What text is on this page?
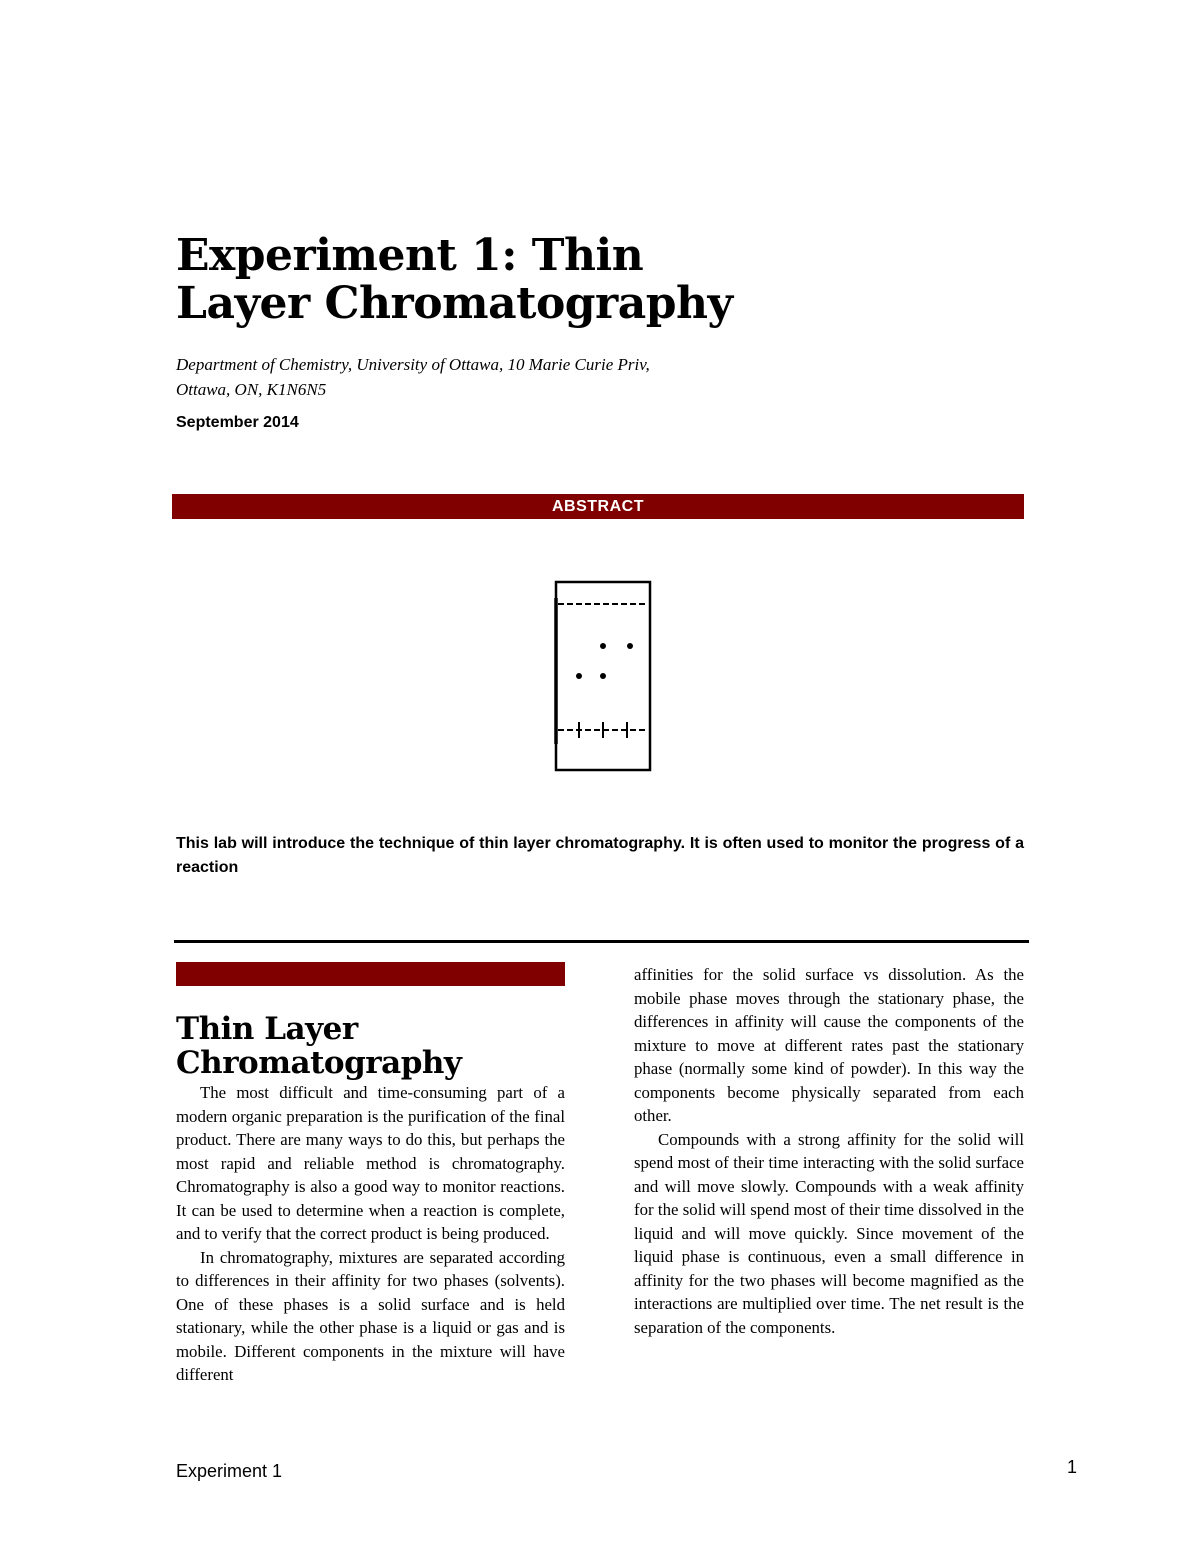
Experiment 1: Thin
Layer Chromatography
Department of Chemistry, University of Ottawa, 10 Marie Curie Priv,
Ottawa, ON, K1N6N5
September 2014
ABSTRACT
This lab will introduce the technique of thin layer chromatography. It is often used to monitor the progress of a reaction
Thin Layer
Chromatography

The most difficult and time-consuming part of a modern organic preparation is the purification of the final product. There are many ways to do this, but perhaps the most rapid and reliable method is chromatography. Chromatography is also a good way to monitor reactions. It can be used to determine when a reaction is complete, and to verify that the correct product is being produced.

In chromatography, mixtures are separated according to differences in their affinity for two phases (solvents). One of these phases is a solid surface and is held stationary, while the other phase is a liquid or gas and is mobile. Different components in the mixture will have different

affinities for the solid surface vs dissolution. As the mobile phase moves through the stationary phase, the differences in affinity will cause the components of the mixture to move at different rates past the stationary phase (normally some kind of powder). In this way the components become physically separated from each other.

Compounds with a strong affinity for the solid will spend most of their time interacting with the solid surface and will move slowly. Compounds with a weak affinity for the solid will spend most of their time dissolved in the liquid and will move quickly. Since movement of the liquid phase is continuous, even a small difference in affinity for the two phases will become magnified as the interactions are multiplied over time. The net result is the separation of the components.

Experiment 1	1
